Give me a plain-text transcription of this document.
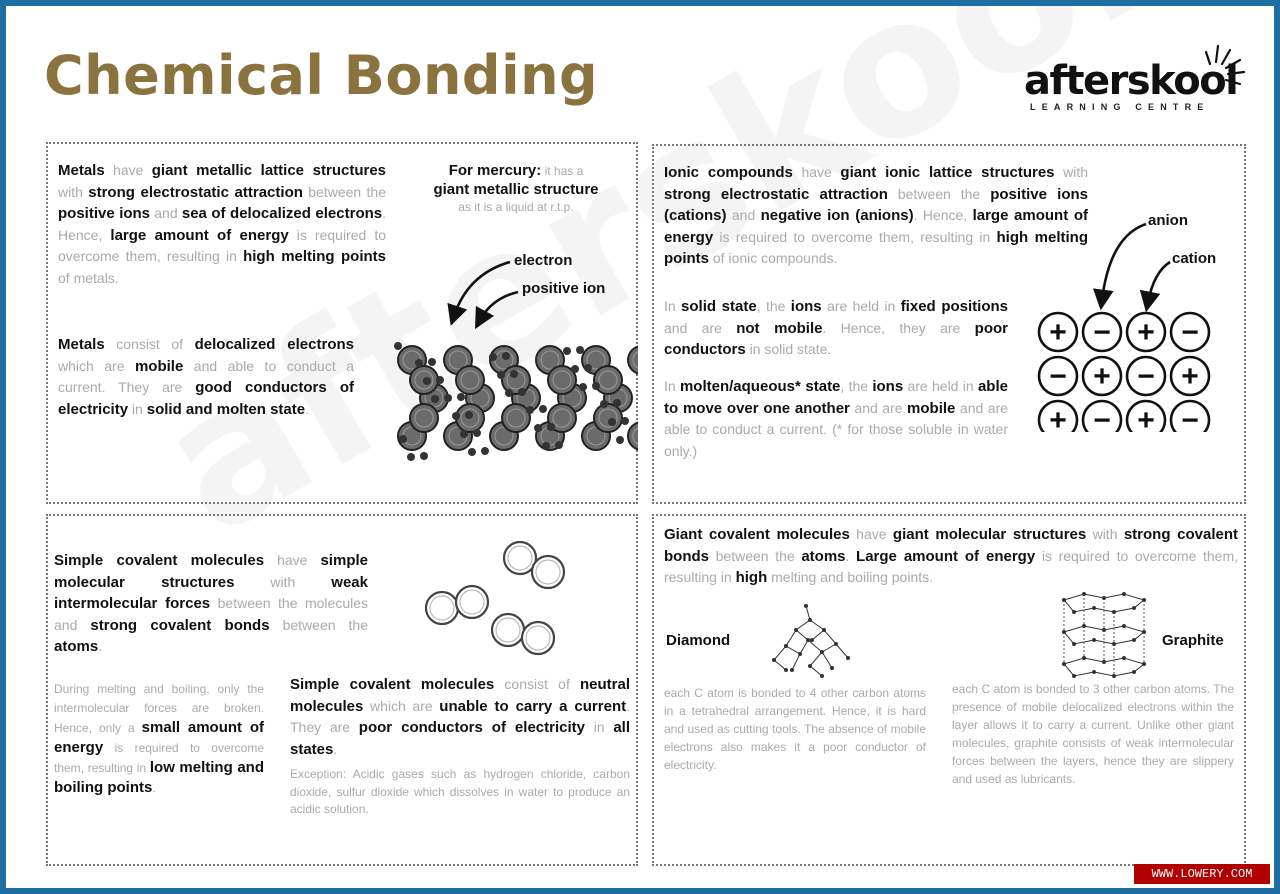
Chemical Bonding	afterskool
LEARNING CENTRE
Metals have giant metallic lattice structures with strong electrostatic attraction between the positive ions and sea of delocalized electrons. Hence, large amount of energy is required to overcome them, resulting in high melting points of metals.
Metals consist of delocalized electrons which are mobile and able to conduct a current. They are good conductors of electricity in solid and molten state.
For mercury: it has a giant metallic structure as it is a liquid at r.t.p.
electron
positive ion
Ionic compounds have giant ionic lattice structures with strong electrostatic attraction between the positive ions (cations) and negative ion (anions). Hence, large amount of energy is required to overcome them, resulting in high melting points of ionic compounds.
In solid state, the ions are held in fixed positions and are not mobile. Hence, they are poor conductors in solid state.
In molten/aqueous* state, the ions are held in able to move over one another and are mobile and are able to conduct a current. (* for those soluble in water only.)
anion
cation
+ − + −
− + − +
+ − + −
Simple covalent molecules have simple molecular structures with weak intermolecular forces between the molecules and strong covalent bonds between the atoms.
During melting and boiling, only the intermolecular forces are broken. Hence, only a small amount of energy is required to overcome them, resulting in low melting and boiling points.
Simple covalent molecules consist of neutral molecules which are unable to carry a current. They are poor conductors of electricity in all states.
Exception: Acidic gases such as hydrogen chloride, carbon dioxide, sulfur dioxide which dissolves in water to produce an acidic solution.
Giant covalent molecules have giant molecular structures with strong covalent bonds between the atoms. Large amount of energy is required to overcome them, resulting in high melting and boiling points.
Diamond	Graphite
each C atom is bonded to 4 other carbon atoms in a tetrahedral arrangement. Hence, it is hard and used as cutting tools. The absence of mobile electrons also makes it a poor conductor of electricity.
each C atom is bonded to 3 other carbon atoms. The presence of mobile delocalized electrons within the layer allows it to carry a current. Unlike other giant molecules, graphite consists of weak intermolecular forces between the layers, hence they are slippery and used as lubricants.
WWW.LOWERY.COM
